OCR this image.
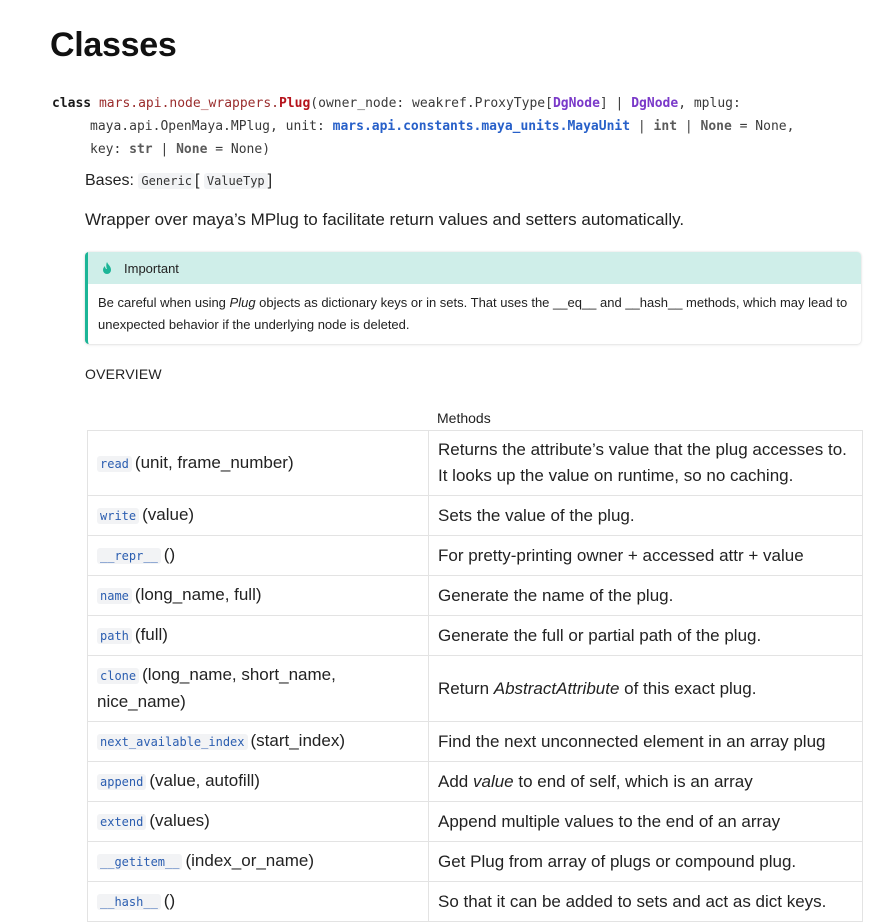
Classes
class mars.api.node_wrappers.Plug(owner_node: weakref.ProxyType[DgNode] | DgNode, mplug:
maya.api.OpenMaya.MPlug, unit: mars.api.constants.maya_units.MayaUnit | int | None = None,
key: str | None = None)
Bases: Generic [ ValueTyp ]
Wrapper over maya’s MPlug to facilitate return values and setters automatically.
Important
Be careful when using Plug objects as dictionary keys or in sets. That uses the __eq__ and __hash__ methods, which may lead to unexpected behavior if the underlying node is deleted.
OVERVIEW
Methods
read (unit, frame_number)	Returns the attribute’s value that the plug accesses to. It looks up the value on runtime, so no caching.
write (value)	Sets the value of the plug.
__repr__ ()	For pretty-printing owner + accessed attr + value
name (long_name, full)	Generate the name of the plug.
path (full)	Generate the full or partial path of the plug.
clone (long_name, short_name, nice_name)	Return AbstractAttribute of this exact plug.
next_available_index (start_index)	Find the next unconnected element in an array plug
append (value, autofill)	Add value to end of self, which is an array
extend (values)	Append multiple values to the end of an array
__getitem__ (index_or_name)	Get Plug from array of plugs or compound plug.
__hash__ ()	So that it can be added to sets and act as dict keys.
